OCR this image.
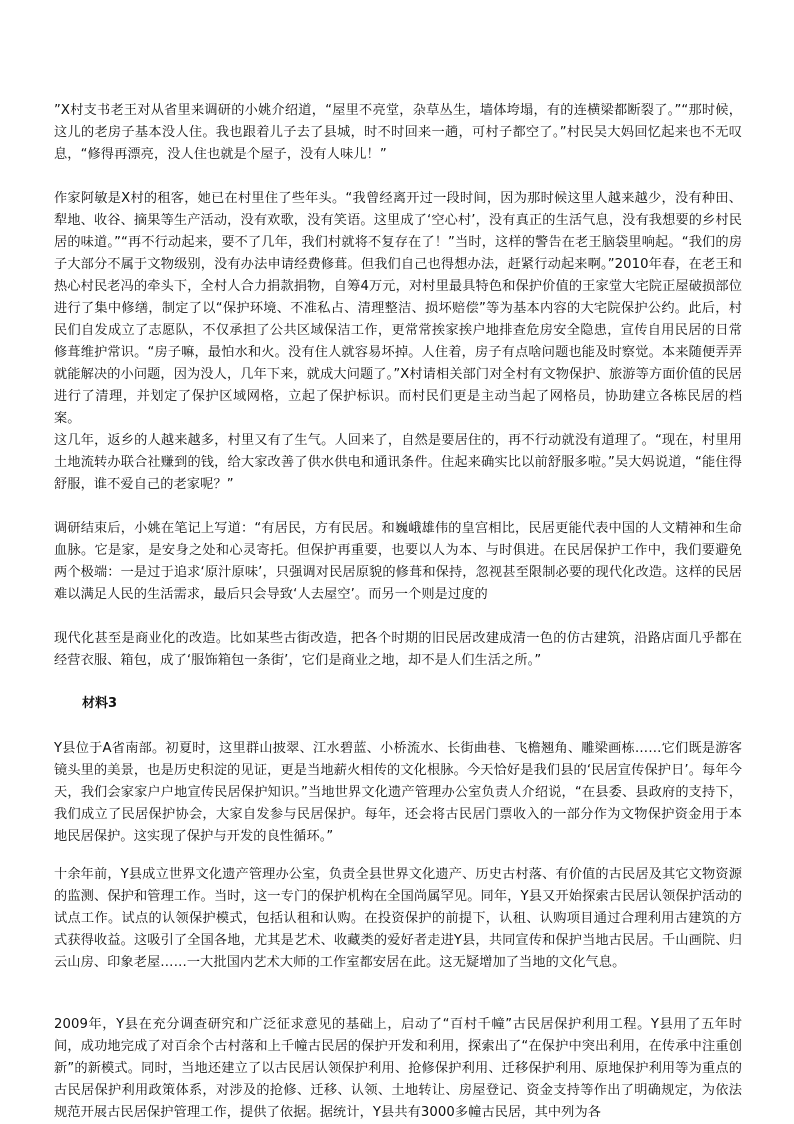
”X村支书老王对从省里来调研的小姚介绍道，“屋里不亮堂，杂草丛生，墙体垮塌，有的连横梁都断裂了。”“那时候，这儿的老房子基本没人住。我也跟着儿子去了县城，时不时回来一趟，可村子都空了。”村民吴大妈回忆起来也不无叹息，“修得再漂亮，没人住也就是个屋子，没有人味儿！”

作家阿敏是X村的租客，她已在村里住了些年头。“我曾经离开过一段时间，因为那时候这里人越来越少，没有种田、犁地、收谷、摘果等生产活动，没有欢歌，没有笑语。这里成了‘空心村’，没有真正的生活气息，没有我想要的乡村民居的味道。”“再不行动起来，要不了几年，我们村就将不复存在了！”当时，这样的警告在老王脑袋里响起。“我们的房子大部分不属于文物级别，没有办法申请经费修葺。但我们自己也得想办法，赶紧行动起来啊。”2010年春，在老王和热心村民老冯的牵头下，全村人合力捐款捐物，自筹4万元，对村里最具特色和保护价值的王家堂大宅院正屋破损部位进行了集中修缮，制定了以“保护环境、不准私占、清理整洁、损坏赔偿”等为基本内容的大宅院保护公约。此后，村民们自发成立了志愿队，不仅承担了公共区域保洁工作，更常常挨家挨户地排查危房安全隐患，宣传自用民居的日常修葺维护常识。“房子嘛，最怕水和火。没有住人就容易坏掉。人住着，房子有点啥问题也能及时察觉。本来随便弄弄就能解决的小问题，因为没人，几年下来，就成大问题了。”X村请相关部门对全村有文物保护、旅游等方面价值的民居进行了清理，并划定了保护区域网格，立起了保护标识。而村民们更是主动当起了网格员，协助建立各栋民居的档案。

这几年，返乡的人越来越多，村里又有了生气。人回来了，自然是要居住的，再不行动就没有道理了。“现在，村里用土地流转办联合社赚到的钱，给大家改善了供水供电和通讯条件。住起来确实比以前舒服多啦。”吴大妈说道，“能住得舒服，谁不爱自己的老家呢？”

调研结束后，小姚在笔记上写道：“有居民，方有民居。和巍峨雄伟的皇宫相比，民居更能代表中国的人文精神和生命血脉。它是家，是安身之处和心灵寄托。但保护再重要，也要以人为本、与时俱进。在民居保护工作中，我们要避免两个极端：一是过于追求‘原汁原味’，只强调对民居原貌的修葺和保持，忽视甚至限制必要的现代化改造。这样的民居难以满足人民的生活需求，最后只会导致‘人去屋空’。而另一个则是过度的

现代化甚至是商业化的改造。比如某些古街改造，把各个时期的旧民居改建成清一色的仿古建筑，沿路店面几乎都在经营衣服、箱包，成了‘服饰箱包一条街’，它们是商业之地，却不是人们生活之所。”

材料3

Y县位于A省南部。初夏时，这里群山披翠、江水碧蓝、小桥流水、长街曲巷、飞檐翘角、雕梁画栋……它们既是游客镜头里的美景，也是历史积淀的见证，更是当地薪火相传的文化根脉。今天恰好是我们县的‘民居宣传保护日’。每年今天，我们会家家户户地宣传民居保护知识。”当地世界文化遗产管理办公室负责人介绍说，“在县委、县政府的支持下，我们成立了民居保护协会，大家自发参与民居保护。每年，还会将古民居门票收入的一部分作为文物保护资金用于本地民居保护。这实现了保护与开发的良性循环。”

十余年前，Y县成立世界文化遗产管理办公室，负责全县世界文化遗产、历史古村落、有价值的古民居及其它文物资源的监测、保护和管理工作。当时，这一专门的保护机构在全国尚属罕见。同年，Y县又开始探索古民居认领保护活动的试点工作。试点的认领保护模式，包括认租和认购。在投资保护的前提下，认租、认购项目通过合理利用古建筑的方式获得收益。这吸引了全国各地，尤其是艺术、收藏类的爱好者走进Y县，共同宣传和保护当地古民居。千山画院、归云山房、印象老屋……一大批国内艺术大师的工作室都安居在此。这无疑增加了当地的文化气息。

2009年，Y县在充分调查研究和广泛征求意见的基础上，启动了“百村千幢”古民居保护利用工程。Y县用了五年时间，成功地完成了对百余个古村落和上千幢古民居的保护开发和利用，探索出了“在保护中突出利用，在传承中注重创新”的新模式。同时，当地还建立了以古民居认领保护利用、抢修保护利用、迁移保护利用、原地保护利用等为重点的古民居保护利用政策体系，对涉及的抢修、迁移、认领、土地转让、房屋登记、资金支持等作出了明确规定，为依法规范开展古民居保护管理工作，提供了依据。据统计，Y县共有3000多幢古民居，其中列为各
